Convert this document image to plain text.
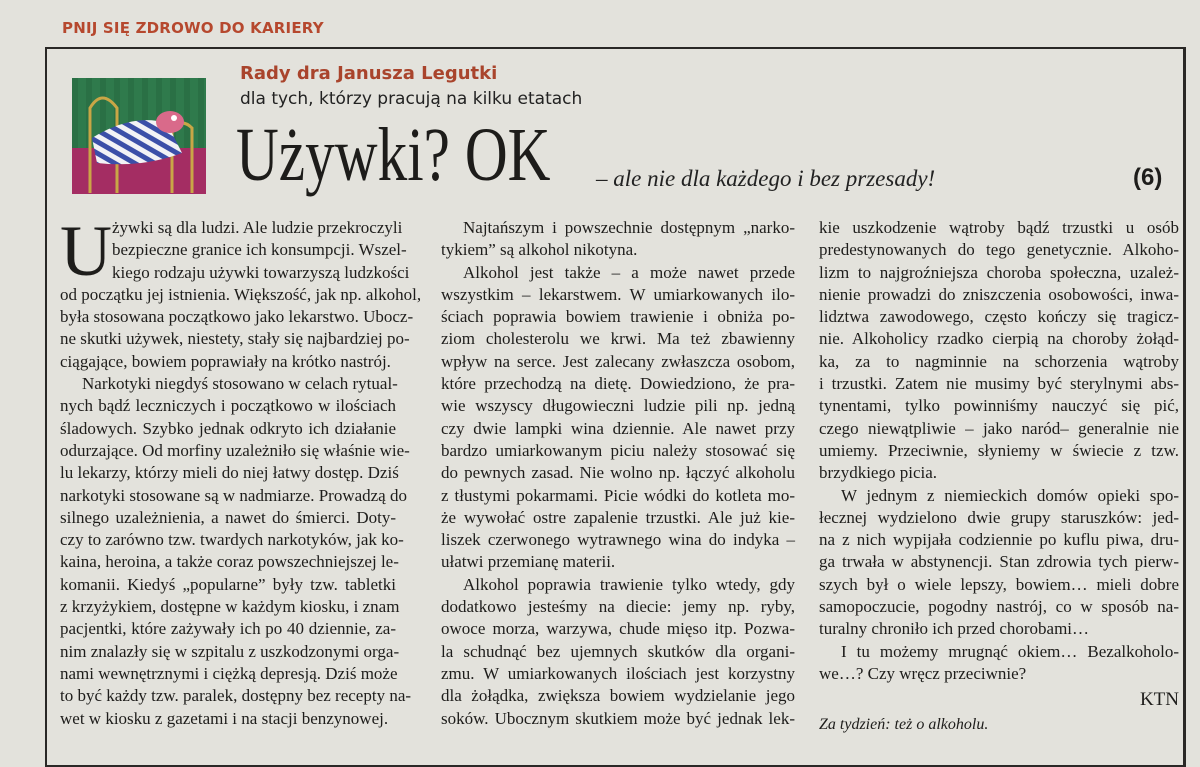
PNIJ SIĘ ZDROWO DO KARIERY
Rady dra Janusza Legutki
dla tych, którzy pracują na kilku etatach
Używki? OK – ale nie dla każdego i bez przesady!	(6)
U żywki są dla ludzi. Ale ludzie przekroczyli
bezpieczne granice ich konsumpcji. Wszel-
kiego rodzaju używki towarzyszą ludzkości
od początku jej istnienia. Większość, jak np. alkohol,
była stosowana początkowo jako lekarstwo. Ubocz-
ne skutki używek, niestety, stały się najbardziej po-
ciągające, bowiem poprawiały na krótko nastrój.
Narkotyki niegdyś stosowano w celach rytual-
nych bądź leczniczych i początkowo w ilościach
śladowych. Szybko jednak odkryto ich działanie
odurzające. Od morfiny uzależniło się właśnie wie-
lu lekarzy, którzy mieli do niej łatwy dostęp. Dziś
narkotyki stosowane są w nadmiarze. Prowadzą do
silnego uzależnienia, a nawet do śmierci. Doty-
czy to zarówno tzw. twardych narkotyków, jak ko-
kaina, heroina, a także coraz powszechniejszej le-
komanii. Kiedyś „popularne” były tzw. tabletki
z krzyżykiem, dostępne w każdym kiosku, i znam
pacjentki, które zażywały ich po 40 dziennie, za-
nim znalazły się w szpitalu z uszkodzonymi orga-
nami wewnętrznymi i ciężką depresją. Dziś może
to być każdy tzw. paralek, dostępny bez recepty na-
wet w kiosku z gazetami i na stacji benzynowej.
Najtańszym i powszechnie dostępnym „narko-
tykiem” są alkohol nikotyna.
Alkohol jest także – a może nawet przede
wszystkim – lekarstwem. W umiarkowanych ilo-
ściach poprawia bowiem trawienie i obniża po-
ziom cholesterolu we krwi. Ma też zbawienny
wpływ na serce. Jest zalecany zwłaszcza osobom,
które przechodzą na dietę. Dowiedziono, że pra-
wie wszyscy długowieczni ludzie pili np. jedną
czy dwie lampki wina dziennie. Ale nawet przy
bardzo umiarkowanym piciu należy stosować się
do pewnych zasad. Nie wolno np. łączyć alkoholu
z tłustymi pokarmami. Picie wódki do kotleta mo-
że wywołać ostre zapalenie trzustki. Ale już kie-
liszek czerwonego wytrawnego wina do indyka –
ułatwi przemianę materii.
Alkohol poprawia trawienie tylko wtedy, gdy
dodatkowo jesteśmy na diecie: jemy np. ryby,
owoce morza, warzywa, chude mięso itp. Pozwa-
la schudnąć bez ujemnych skutków dla organi-
zmu. W umiarkowanych ilościach jest korzystny
dla żołądka, zwiększa bowiem wydzielanie jego
soków. Ubocznym skutkiem może być jednak lek-
kie uszkodzenie wątroby bądź trzustki u osób
predestynowanych do tego genetycznie. Alkoho-
lizm to najgroźniejsza choroba społeczna, uzależ-
nienie prowadzi do zniszczenia osobowości, inwa-
lidztwa zawodowego, często kończy się tragicz-
nie. Alkoholicy rzadko cierpią na choroby żołąd-
ka, za to nagminnie na schorzenia wątroby
i trzustki. Zatem nie musimy być sterylnymi abs-
tynentami, tylko powinniśmy nauczyć się pić,
czego niewątpliwie – jako naród– generalnie nie
umiemy. Przeciwnie, słyniemy w świecie z tzw.
brzydkiego picia.
W jednym z niemieckich domów opieki spo-
łecznej wydzielono dwie grupy staruszków: jed-
na z nich wypijała codziennie po kuflu piwa, dru-
ga trwała w abstynencji. Stan zdrowia tych pierw-
szych był o wiele lepszy, bowiem… mieli dobre
samopoczucie, pogodny nastrój, co w sposób na-
turalny chroniło ich przed chorobami…
I tu możemy mrugnąć okiem… Bezalkoholo-
we…? Czy wręcz przeciwnie?
KTN
Za tydzień: też o alkoholu.
